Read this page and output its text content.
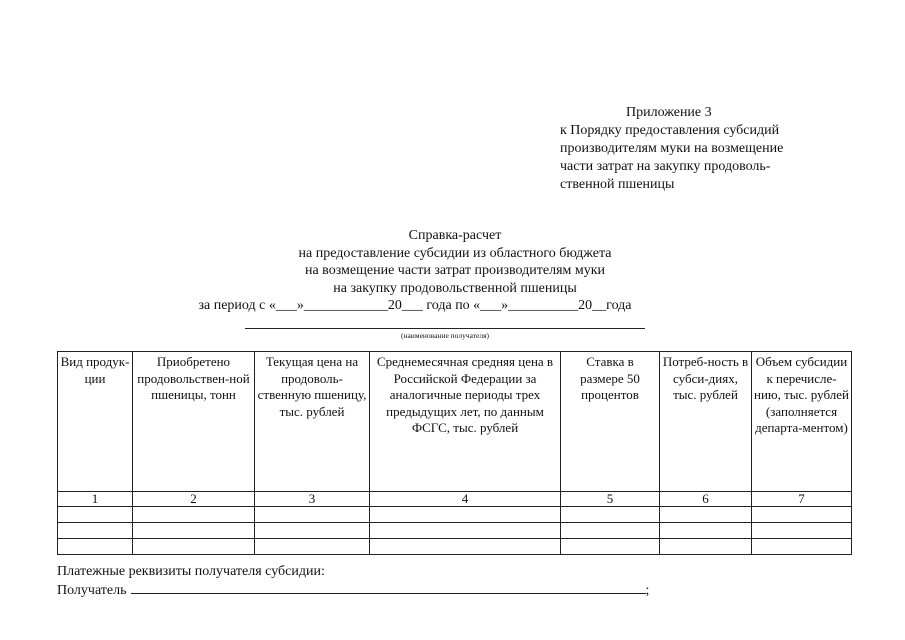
Приложение 3
к Порядку предоставления субсидий
производителям муки на возмещение
части затрат на закупку продоволь-
ственной пшеницы
Справка-расчет
на предоставление субсидии из областного бюджета
на возмещение части затрат производителям муки
на закупку продовольственной пшеницы
за период с «___»____________20___ года по «___»__________20__года
(наименование получателя)
Вид продук-ции	Приобретено продовольствен-ной пшеницы, тонн	Текущая цена на продоволь-ственную пшеницу, тыс. рублей	Среднемесячная средняя цена в Российской Федерации за аналогичные периоды трех предыдущих лет, по данным ФСГС, тыс. рублей	Ставка в размере 50 процентов	Потреб-ность в субси-диях, тыс. рублей	Объем субсидии к перечисле-нию, тыс. рублей (заполняется департа-ментом)
1	2	3	4	5	6	7

Платежные реквизиты получателя субсидии:
Получатель	;
